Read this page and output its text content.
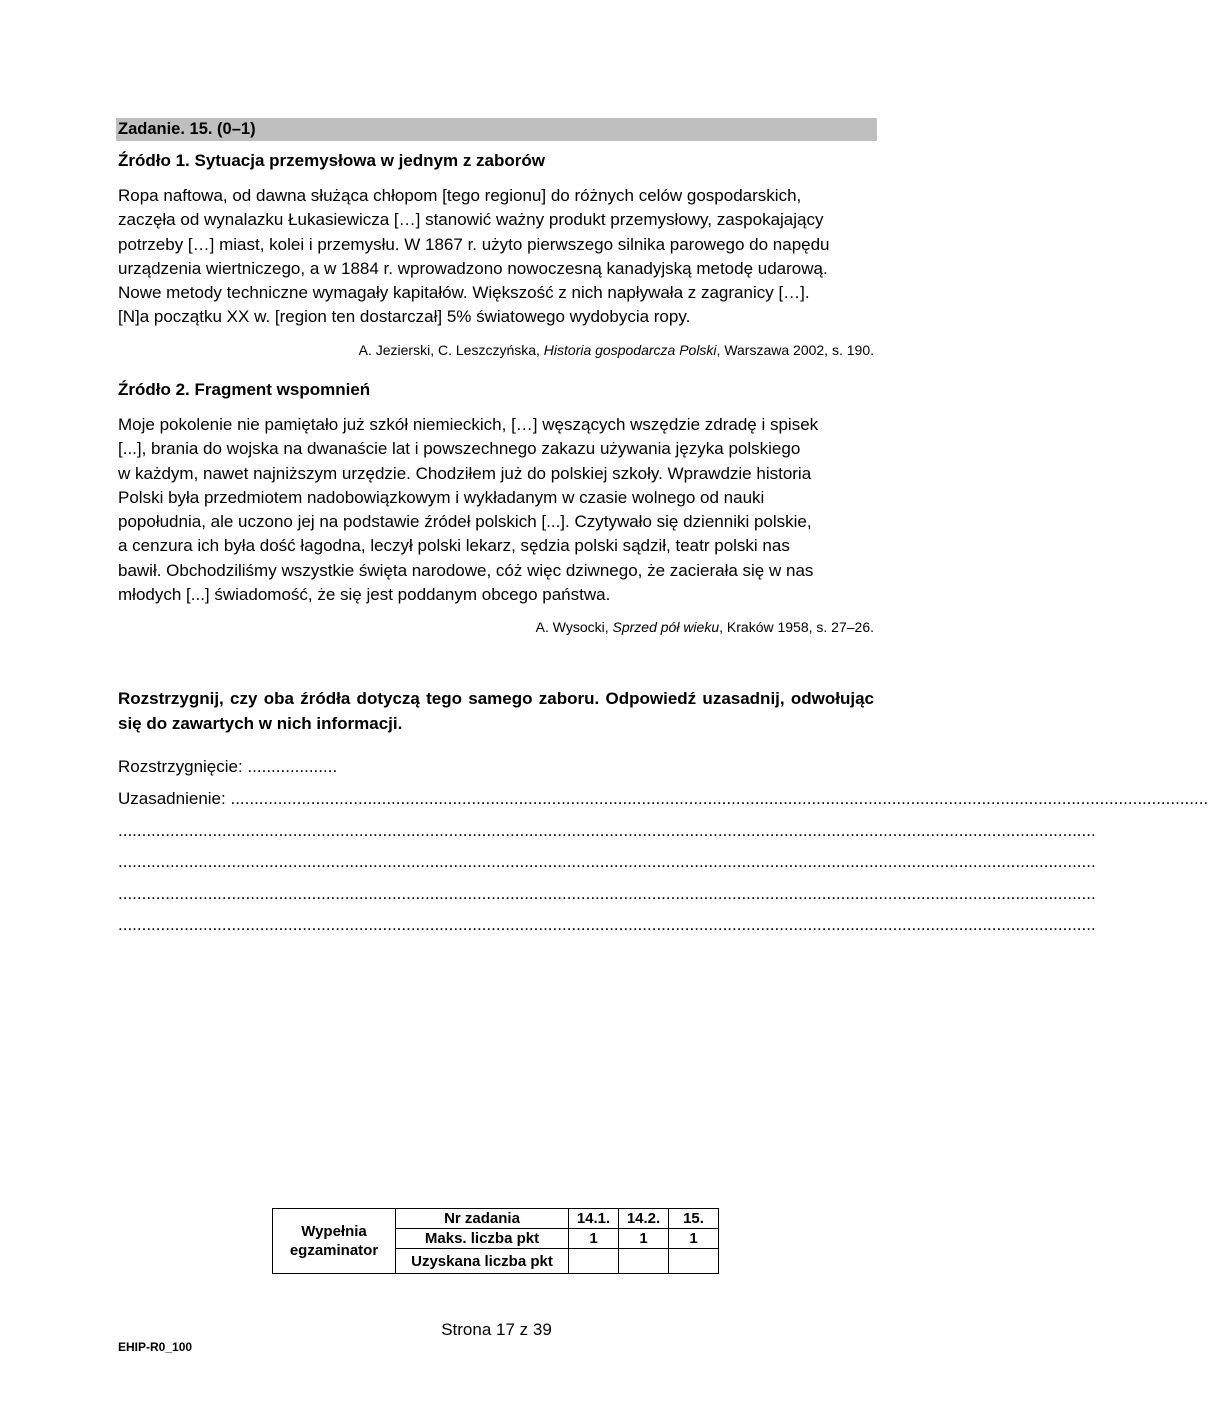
Zadanie. 15. (0–1)
Źródło 1. Sytuacja przemysłowa w jednym z zaborów
Ropa naftowa, od dawna służąca chłopom [tego regionu] do różnych celów gospodarskich,
zaczęła od wynalazku Łukasiewicza […] stanowić ważny produkt przemysłowy, zaspokajający
potrzeby […] miast, kolei i przemysłu. W 1867 r. użyto pierwszego silnika parowego do napędu
urządzenia wiertniczego, a w 1884 r. wprowadzono nowoczesną kanadyjską metodę udarową.
Nowe metody techniczne wymagały kapitałów. Większość z nich napływała z zagranicy […].
[N]a początku XX w. [region ten dostarczał] 5% światowego wydobycia ropy.
A. Jezierski, C. Leszczyńska, Historia gospodarcza Polski, Warszawa 2002, s. 190.
Źródło 2. Fragment wspomnień
Moje pokolenie nie pamiętało już szkół niemieckich, […] węszących wszędzie zdradę i spisek
[...], brania do wojska na dwanaście lat i powszechnego zakazu używania języka polskiego
w każdym, nawet najniższym urzędzie. Chodziłem już do polskiej szkoły. Wprawdzie historia
Polski była przedmiotem nadobowiązkowym i wykładanym w czasie wolnego od nauki
popołudnia, ale uczono jej na podstawie źródeł polskich [...]. Czytywało się dzienniki polskie,
a cenzura ich była dość łagodna, leczył polski lekarz, sędzia polski sądził, teatr polski nas
bawił. Obchodziliśmy wszystkie święta narodowe, cóż więc dziwnego, że zacierała się w nas
młodych [...] świadomość, że się jest poddanym obcego państwa.
A. Wysocki, Sprzed pół wieku, Kraków 1958, s. 27–26.
Rozstrzygnij, czy oba źródła dotyczą tego samego zaboru. Odpowiedź uzasadnij, odwołując się do zawartych w nich informacji.
Rozstrzygnięcie: ...................
Uzasadnienie: ...............................................................................................................................................................................................................
...............................................................................................................................................................................................................
...............................................................................................................................................................................................................
...............................................................................................................................................................................................................
...............................................................................................................................................................................................................
Wypełnia
egzaminator	Nr zadania	14.1.	14.2.	15.
	Maks. liczba pkt	1	1	1
	Uzyskana liczba pkt			
Strona 17 z 39
EHIP-R0_100
